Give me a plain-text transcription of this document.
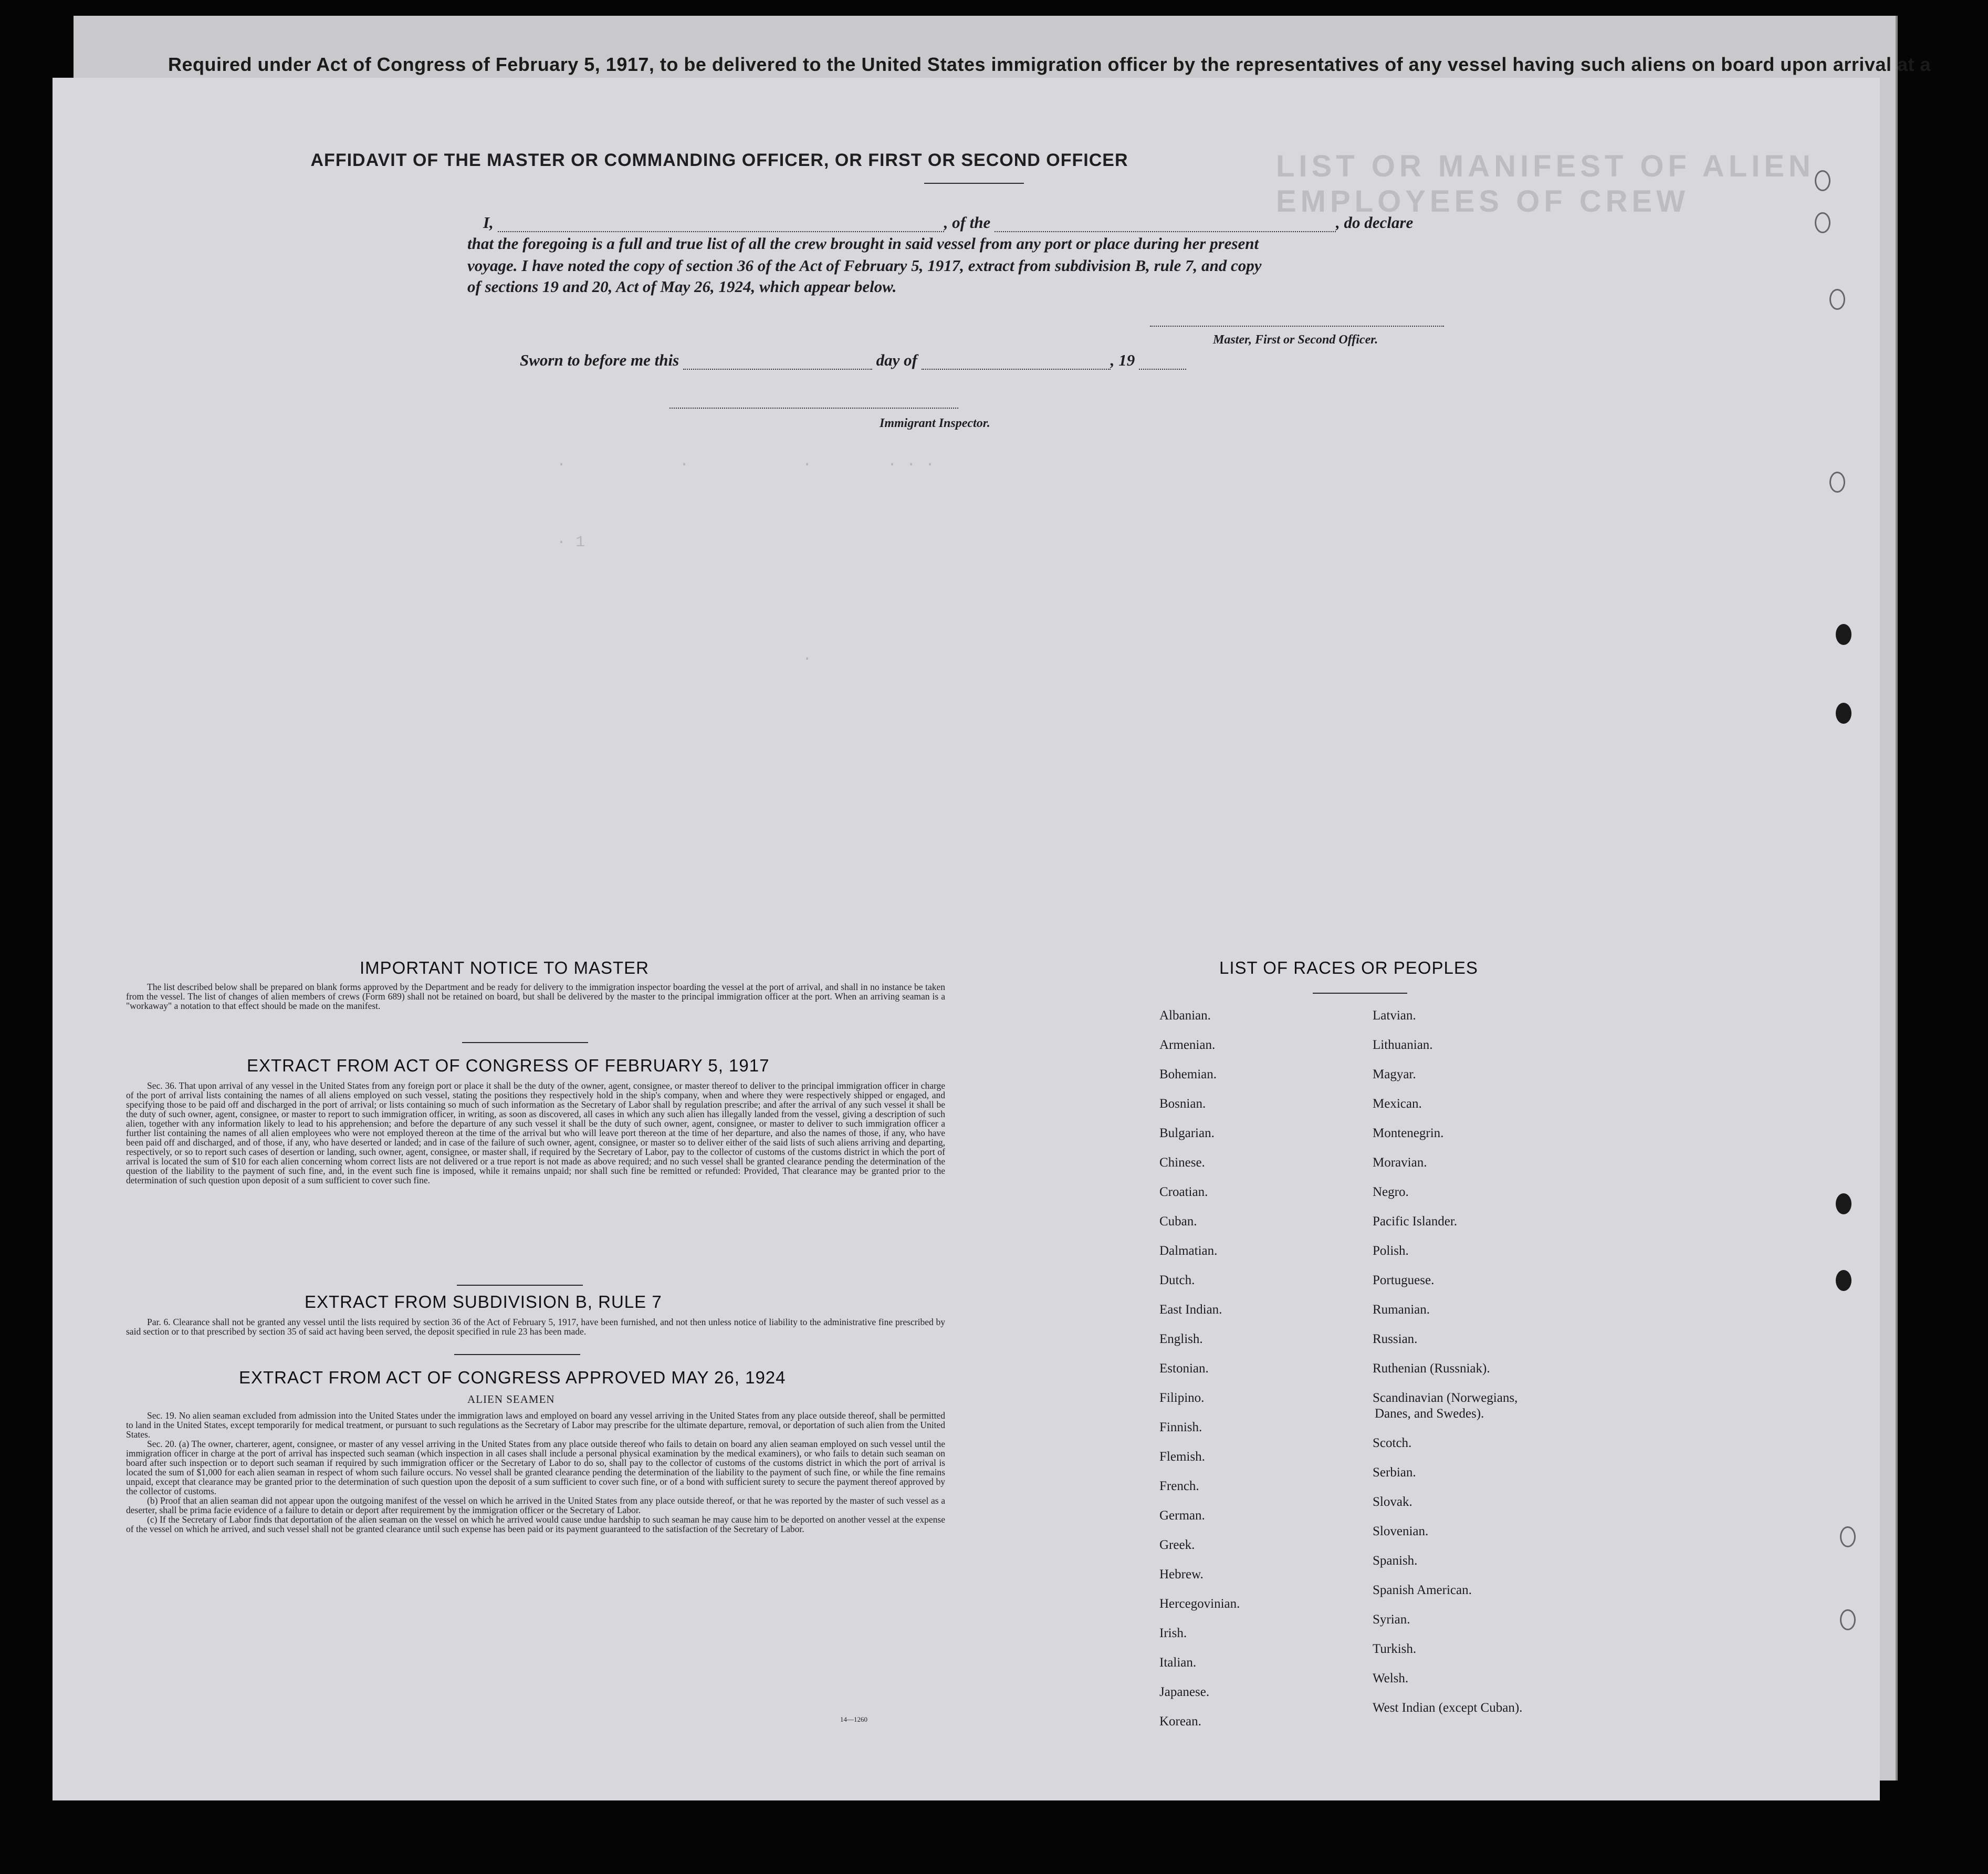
Required under Act of Congress of February 5, 1917, to be delivered to the United States immigration officer by the representatives of any vessel having such aliens on board upon arrival at a
LIST OR MANIFEST OF ALIEN EMPLOYEES OF CREW
·            ·            ·        · · ·

· 1

·
AFFIDAVIT OF THE MASTER OR COMMANDING OFFICER, OR FIRST OR SECOND OFFICER
I,	, of the	, do declare
that the foregoing is a full and true list of all the crew brought in said vessel from any port or place during her present
voyage. I have noted the copy of section 36 of the Act of February 5, 1917, extract from subdivision B, rule 7, and copy
of sections 19 and 20, Act of May 26, 1924, which appear below.
Master, First or Second Officer.
Sworn to before me this	day of	, 19
Immigrant Inspector.
IMPORTANT NOTICE TO MASTER

The list described below shall be prepared on blank forms approved by the Department and be ready for delivery to the immigration inspector boarding the vessel at the port of arrival, and shall in no instance be taken from the vessel. The list of changes of alien members of crews (Form 689) shall not be retained on board, but shall be delivered by the master to the principal immigration officer at the port. When an arriving seaman is a "workaway" a notation to that effect should be made on the manifest.

EXTRACT FROM ACT OF CONGRESS OF FEBRUARY 5, 1917

Sec. 36. That upon arrival of any vessel in the United States from any foreign port or place it shall be the duty of the owner, agent, consignee, or master thereof to deliver to the principal immigration officer in charge of the port of arrival lists containing the names of all aliens employed on such vessel, stating the positions they respectively hold in the ship's company, when and where they were respectively shipped or engaged, and specifying those to be paid off and discharged in the port of arrival; or lists containing so much of such information as the Secretary of Labor shall by regulation prescribe; and after the arrival of any such vessel it shall be the duty of such owner, agent, consignee, or master to report to such immigration officer, in writing, as soon as discovered, all cases in which any such alien has illegally landed from the vessel, giving a description of such alien, together with any information likely to lead to his apprehension; and before the departure of any such vessel it shall be the duty of such owner, agent, consignee, or master to deliver to such immigration officer a further list containing the names of all alien employees who were not employed thereon at the time of the arrival but who will leave port thereon at the time of her departure, and also the names of those, if any, who have been paid off and discharged, and of those, if any, who have deserted or landed; and in case of the failure of such owner, agent, consignee, or master so to deliver either of the said lists of such aliens arriving and departing, respectively, or so to report such cases of desertion or landing, such owner, agent, consignee, or master shall, if required by the Secretary of Labor, pay to the collector of customs of the customs district in which the port of arrival is located the sum of $10 for each alien concerning whom correct lists are not delivered or a true report is not made as above required; and no such vessel shall be granted clearance pending the determination of the question of the liability to the payment of such fine, and, in the event such fine is imposed, while it remains unpaid; nor shall such fine be remitted or refunded: Provided, That clearance may be granted prior to the determination of such question upon deposit of a sum sufficient to cover such fine.

EXTRACT FROM SUBDIVISION B, RULE 7

Par. 6. Clearance shall not be granted any vessel until the lists required by section 36 of the Act of February 5, 1917, have been furnished, and not then unless notice of liability to the administrative fine prescribed by said section or to that prescribed by section 35 of said act having been served, the deposit specified in rule 23 has been made.

EXTRACT FROM ACT OF CONGRESS APPROVED MAY 26, 1924
ALIEN SEAMEN

Sec. 19. No alien seaman excluded from admission into the United States under the immigration laws and employed on board any vessel arriving in the United States from any place outside thereof, shall be permitted to land in the United States, except temporarily for medical treatment, or pursuant to such regulations as the Secretary of Labor may prescribe for the ultimate departure, removal, or deportation of such alien from the United States.

Sec. 20. (a) The owner, charterer, agent, consignee, or master of any vessel arriving in the United States from any place outside thereof who fails to detain on board any alien seaman employed on such vessel until the immigration officer in charge at the port of arrival has inspected such seaman (which inspection in all cases shall include a personal physical examination by the medical examiners), or who fails to detain such seaman on board after such inspection or to deport such seaman if required by such immigration officer or the Secretary of Labor to do so, shall pay to the collector of customs of the customs district in which the port of arrival is located the sum of $1,000 for each alien seaman in respect of whom such failure occurs. No vessel shall be granted clearance pending the determination of the liability to the payment of such fine, or while the fine remains unpaid, except that clearance may be granted prior to the determination of such question upon the deposit of a sum sufficient to cover such fine, or of a bond with sufficient surety to secure the payment thereof approved by the collector of customs.

(b) Proof that an alien seaman did not appear upon the outgoing manifest of the vessel on which he arrived in the United States from any place outside thereof, or that he was reported by the master of such vessel as a deserter, shall be prima facie evidence of a failure to detain or deport after requirement by the immigration officer or the Secretary of Labor.

(c) If the Secretary of Labor finds that deportation of the alien seaman on the vessel on which he arrived would cause undue hardship to such seaman he may cause him to be deported on another vessel at the expense of the vessel on which he arrived, and such vessel shall not be granted clearance until such expense has been paid or its payment guaranteed to the satisfaction of the Secretary of Labor.

14—1260
LIST OF RACES OR PEOPLES
Albanian.
Armenian.
Bohemian.
Bosnian.
Bulgarian.
Chinese.
Croatian.
Cuban.
Dalmatian.
Dutch.
East Indian.
English.
Estonian.
Filipino.
Finnish.
Flemish.
French.
German.
Greek.
Hebrew.
Hercegovinian.
Irish.
Italian.
Japanese.
Korean.
Latvian.
Lithuanian.
Magyar.
Mexican.
Montenegrin.
Moravian.
Negro.
Pacific Islander.
Polish.
Portuguese.
Rumanian.
Russian.
Ruthenian (Russniak).
Scandinavian (Norwegians,
Danes, and Swedes).
Scotch.
Serbian.
Slovak.
Slovenian.
Spanish.
Spanish American.
Syrian.
Turkish.
Welsh.
West Indian (except Cuban).
